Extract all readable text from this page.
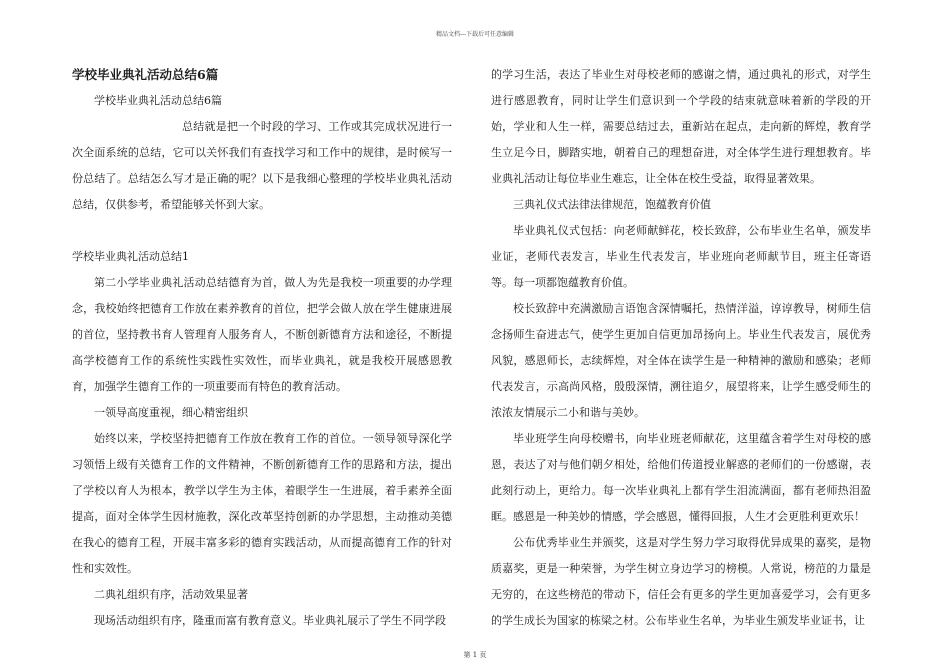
精品文档---下载后可任意编辑
学校毕业典礼活动总结6篇

学校毕业典礼活动总结6篇

总结就是把一个时段的学习、工作或其完成状况进行一次全面系统的总结，它可以关怀我们有查找学习和工作中的规律，是时候写一份总结了。总结怎么写才是正确的呢？以下是我细心整理的学校毕业典礼活动总结，仅供参考，希望能够关怀到大家。

学校毕业典礼活动总结1

第二小学毕业典礼活动总结德育为首，做人为先是我校一项重要的办学理念，我校始终把德育工作放在素养教育的首位，把学会做人放在学生健康进展的首位，坚持教书育人管理育人服务育人，不断创新德育方法和途径，不断提高学校德育工作的系统性实践性实效性，而毕业典礼，就是我校开展感恩教育，加强学生德育工作的一项重要而有特色的教育活动。

一领导高度重视，细心精密组织

始终以来，学校坚持把德育工作放在教育工作的首位。一领导领导深化学习领悟上级有关德育工作的文件精神，不断创新德育工作的思路和方法，提出了学校以育人为根本，教学以学生为主体，着眼学生一生进展，着手素养全面提高，面对全体学生因材施教，深化改革坚持创新的办学思想，主动推动美德在我心的德育工程，开展丰富多彩的德育实践活动，从而提高德育工作的针对性和实效性。

二典礼组织有序，活动效果显著

现场活动组织有序，隆重而富有教育意义。毕业典礼展示了学生不同学段

的学习生活，表达了毕业生对母校老师的感谢之情，通过典礼的形式，对学生进行感恩教育，同时让学生们意识到一个学段的结束就意味着新的学段的开始，学业和人生一样，需要总结过去，重新站在起点，走向新的辉煌，教育学生立足今日，脚踏实地，朝着自己的理想奋进，对全体学生进行理想教育。毕业典礼活动让每位毕业生难忘，让全体在校生受益，取得显著效果。

三典礼仪式法律法律规范，饱蕴教育价值

毕业典礼仪式包括：向老师献鲜花，校长致辞，公布毕业生名单，颁发毕业证，老师代表发言，毕业生代表发言，毕业班向老师献节目，班主任寄语等。每一项都饱蕴教育价值。

校长致辞中充满激励言语饱含深情嘱托，热情洋溢，谆谆教导，树师生信念扬师生奋进志气，使学生更加自信更加昂扬向上。毕业生代表发言，展优秀风貌，感恩师长，志续辉煌，对全体在读学生是一种精神的激励和感染；老师代表发言，示高尚风格，殷殷深情，溯往追夕，展望将来，让学生感受师生的浓浓友情展示二小和谐与美妙。

毕业班学生向母校赠书，向毕业班老师献花，这里蕴含着学生对母校的感恩，表达了对与他们朝夕相处，给他们传道授业解惑的老师们的一份感谢，表此刻行动上，更给力。每一次毕业典礼上都有学生泪流满面，都有老师热泪盈眶。感恩是一种美妙的情感，学会感恩，懂得回报，人生才会更胜利更欢乐！

公布优秀毕业生并颁奖，这是对学生努力学习取得优异成果的嘉奖，是物质嘉奖，更是一种荣誉，为学生树立身边学习的榜模。人常说，榜范的力量是无穷的，在这些榜范的带动下，信任会有更多的学生更加喜爱学习，会有更多的学生成长为国家的栋梁之材。公布毕业生名单，为毕业生颁发毕业证书，让

第 1 页
